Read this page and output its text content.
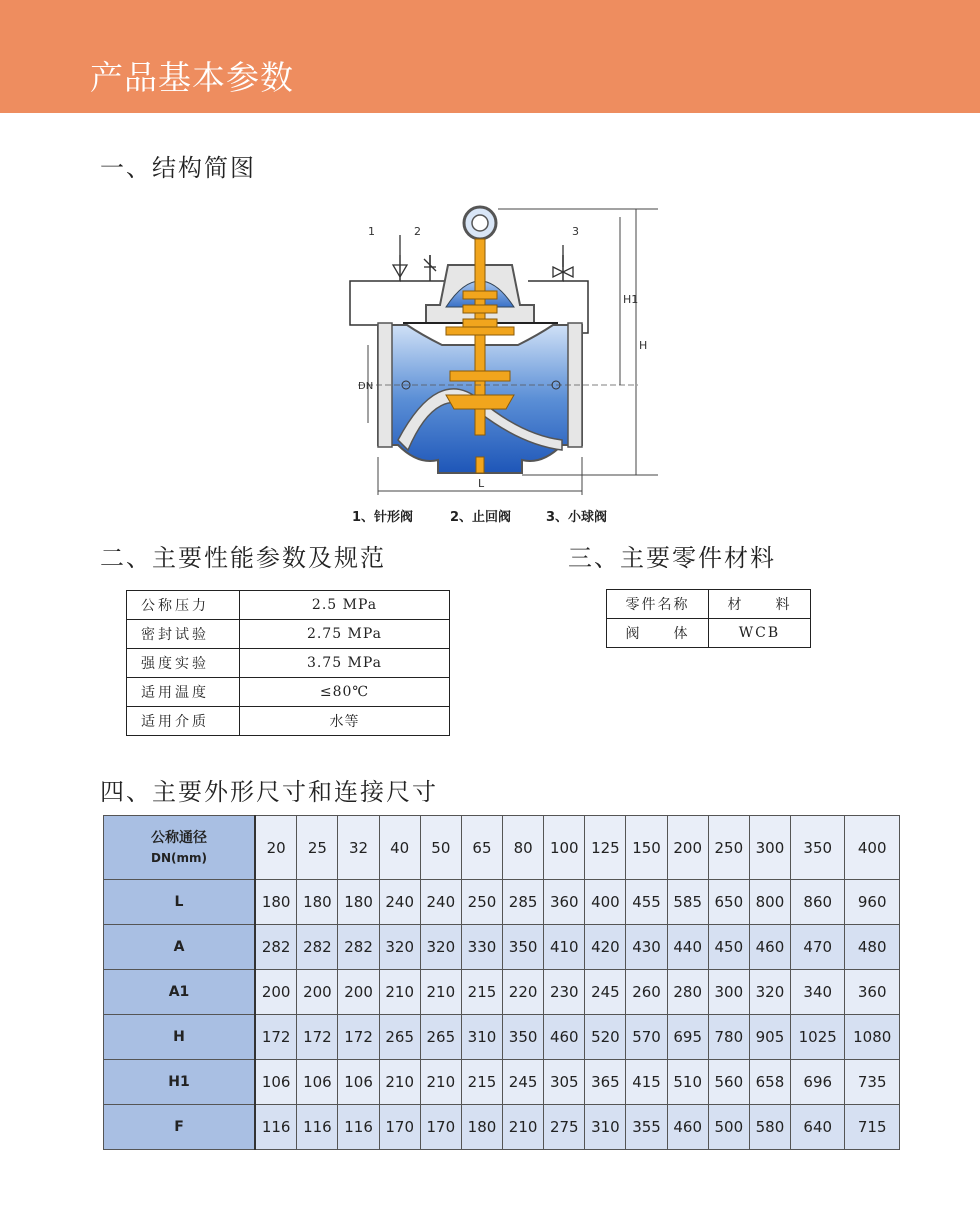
产品基本参数
一、结构简图
1	2	3
H1
H
DN
L
1、针形阀	2、止回阀	3、小球阀
二、主要性能参数及规范	三、主要零件材料
公称压力	2.5 MPa
密封试验	2.75 MPa
强度实验	3.75 MPa
适用温度	≤80℃
适用介质	水等
零件名称	材　　料
阀　　体	WCB
四、主要外形尺寸和连接尺寸
公称通径
DN(mm)	20	25	32	40	50	65	80	100	125	150	200	250	300	350	400
L	180	180	180	240	240	250	285	360	400	455	585	650	800	860	960
A	282	282	282	320	320	330	350	410	420	430	440	450	460	470	480
A1	200	200	200	210	210	215	220	230	245	260	280	300	320	340	360
H	172	172	172	265	265	310	350	460	520	570	695	780	905	1025	1080
H1	106	106	106	210	210	215	245	305	365	415	510	560	658	696	735
F	116	116	116	170	170	180	210	275	310	355	460	500	580	640	715
